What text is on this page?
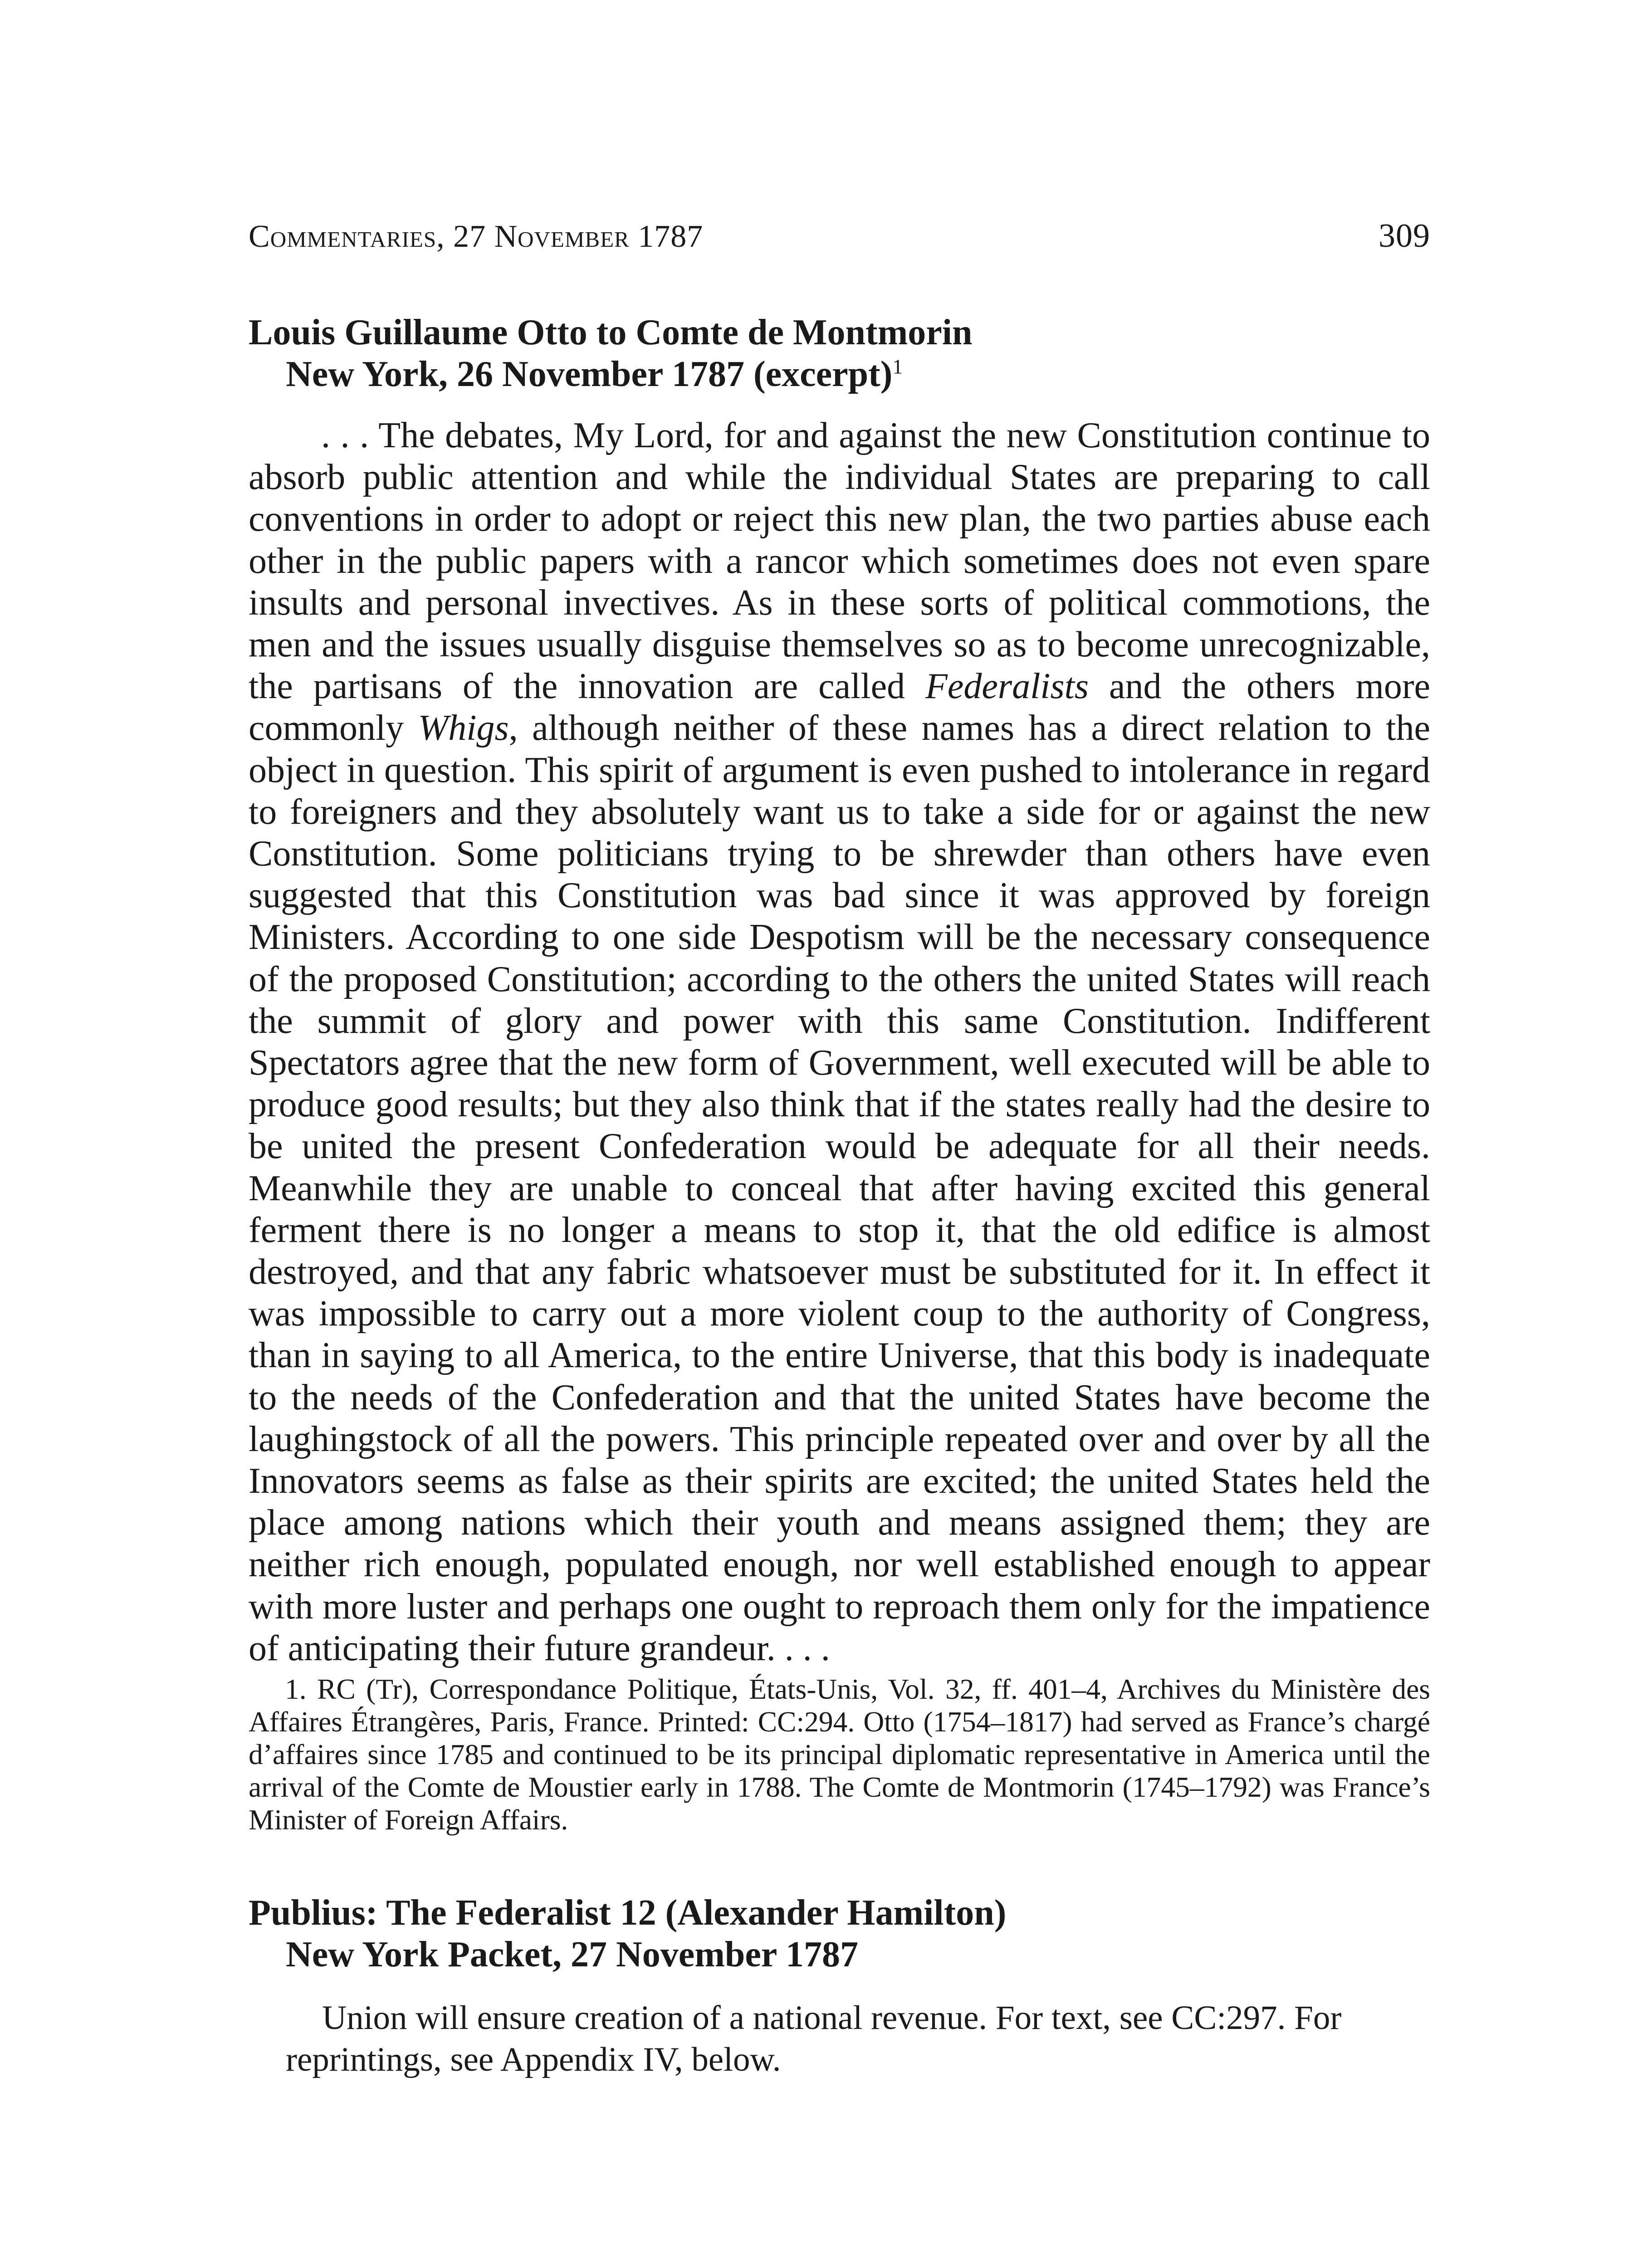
Commentaries, 27 November 1787	309
Louis Guillaume Otto to Comte de Montmorin
New York, 26 November 1787 (excerpt)$^1$

. . . The debates, My Lord, for and against the new Constitution continue to absorb public attention and while the individual States are preparing to call conventions in order to adopt or reject this new plan, the two parties abuse each other in the public papers with a rancor which sometimes does not even spare insults and personal invectives. As in these sorts of political commotions, the men and the issues usually disguise themselves so as to become unrecognizable, the partisans of the innovation are called Federalists and the others more commonly Whigs, although neither of these names has a direct relation to the object in question. This spirit of argument is even pushed to intolerance in regard to foreigners and they absolutely want us to take a side for or against the new Constitution. Some politicians trying to be shrewder than others have even suggested that this Constitution was bad since it was approved by foreign Ministers. According to one side Despotism will be the necessary consequence of the proposed Constitution; according to the others the united States will reach the summit of glory and power with this same Constitution. Indifferent Spectators agree that the new form of Government, well executed will be able to produce good results; but they also think that if the states really had the desire to be united the present Confederation would be adequate for all their needs. Meanwhile they are unable to conceal that after having excited this general ferment there is no longer a means to stop it, that the old edifice is almost destroyed, and that any fabric whatsoever must be substituted for it. In effect it was impossible to carry out a more violent coup to the authority of Congress, than in saying to all America, to the entire Universe, that this body is inadequate to the needs of the Confederation and that the united States have become the laughingstock of all the powers. This principle repeated over and over by all the Innovators seems as false as their spirits are excited; the united States held the place among nations which their youth and means assigned them; they are neither rich enough, populated enough, nor well established enough to appear with more luster and perhaps one ought to reproach them only for the impatience of anticipating their future grandeur. . . .

1. RC (Tr), Correspondance Politique, États-Unis, Vol. 32, ff. 401–4, Archives du Ministère des Affaires Étrangères, Paris, France. Printed: CC:294. Otto (1754–1817) had served as France’s chargé d’affaires since 1785 and continued to be its principal diplomatic representative in America until the arrival of the Comte de Moustier early in 1788. The Comte de Montmorin (1745–1792) was France’s Minister of Foreign Affairs.

Publius: The Federalist 12 (Alexander Hamilton)
New York Packet, 27 November 1787

Union will ensure creation of a national revenue. For text, see CC:297. For reprintings, see Appendix IV, below.
